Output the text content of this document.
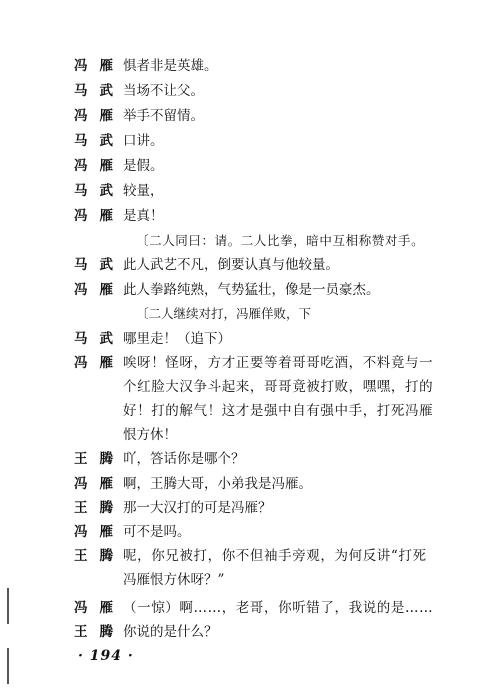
冯雁
惧者非是英雄。
马武
当场不让父。
冯雁
举手不留情。
马武
口讲。
冯雁
是假。
马武
较量，
冯雁
是真！
〔二人同曰：请。二人比拳，暗中互相称赞对手。
马武
此人武艺不凡，倒要认真与他较量。
冯雁
此人拳路纯熟，气势猛壮，像是一员豪杰。
〔二人继续对打，冯雁佯败，下
马武
哪里走！（追下）
冯雁
唉呀！怪呀，方才正要等着哥哥吃酒，不料竟与一
个红脸大汉争斗起来，哥哥竟被打败，嘿嘿，打的
好！打的解气！这才是强中自有强中手，打死冯雁
恨方休！
王腾
吖，答话你是哪个？
冯雁
啊，王腾大哥，小弟我是冯雁。
王腾
那一大汉打的可是冯雁？
冯雁
可不是吗。
王腾
呢，你兄被打，你不但袖手旁观，为何反讲“打死
冯雁恨方休呀？”
冯雁
（一惊）啊……，老哥，你听错了，我说的是……
王腾
你说的是什么？
· 194 ·
